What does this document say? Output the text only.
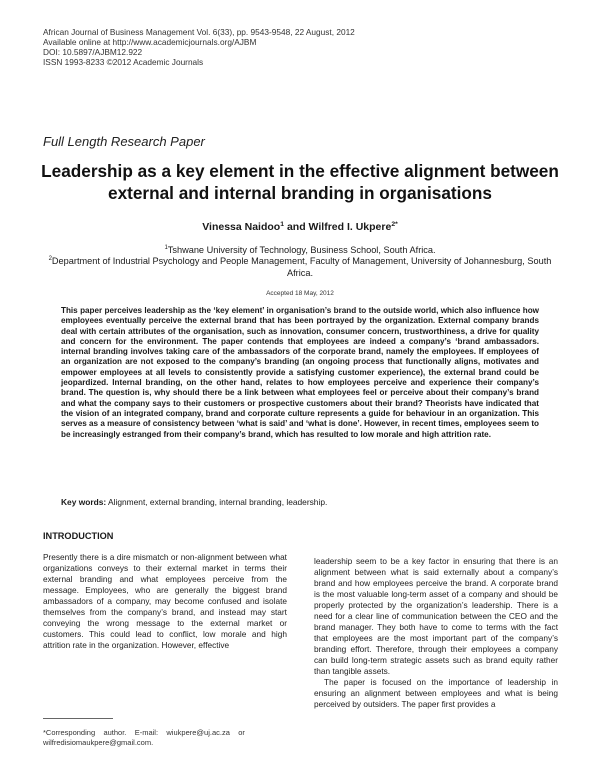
African Journal of Business Management Vol. 6(33), pp. 9543-9548, 22 August, 2012
Available online at http://www.academicjournals.org/AJBM
DOI: 10.5897/AJBM12.922
ISSN 1993-8233 ©2012 Academic Journals
Full Length Research Paper
Leadership as a key element in the effective alignment between external and internal branding in organisations
Vinessa Naidoo$^1$ and Wilfred I. Ukpere$^{2*}$
$^1$Tshwane University of Technology, Business School, South Africa.
$^2$Department of Industrial Psychology and People Management, Faculty of Management, University of Johannesburg, South Africa.
Accepted 18 May, 2012
This paper perceives leadership as the ‘key element’ in organisation’s brand to the outside world, which also influence how employees eventually perceive the external brand that has been portrayed by the organization. External company brands deal with certain attributes of the organisation, such as innovation, consumer concern, trustworthiness, a drive for quality and concern for the environment. The paper contends that employees are indeed a company’s ‘brand ambassadors. internal branding involves taking care of the ambassadors of the corporate brand, namely the employees. If employees of an organization are not exposed to the company’s branding (an ongoing process that functionally aligns, motivates and empower employees at all levels to consistently provide a satisfying customer experience), the external brand could be jeopardized. Internal branding, on the other hand, relates to how employees perceive and experience their company’s brand. The question is, why should there be a link between what employees feel or perceive about their company’s brand and what the company says to their customers or prospective customers about their brand? Theorists have indicated that the vision of an integrated company, brand and corporate culture represents a guide for behaviour in an organization. This serves as a measure of consistency between ‘what is said’ and ‘what is done’. However, in recent times, employees seem to be increasingly estranged from their company’s brand, which has resulted to low morale and high attrition rate.
Key words: Alignment, external branding, internal branding, leadership.
INTRODUCTION

Presently there is a dire mismatch or non-alignment between what organizations conveys to their external market in terms their external branding and what employees perceive from the message. Employees, who are generally the biggest brand ambassadors of a company, may become confused and isolate themselves from the company’s brand, and instead may start conveying the wrong message to the external market or customers. This could lead to conflict, low morale and high attrition rate in the organization. However, effective

leadership seem to be a key factor in ensuring that there is an alignment between what is said externally about a company’s brand and how employees perceive the brand. A corporate brand is the most valuable long-term asset of a company and should be properly protected by the organization’s leadership. There is a need for a clear line of communication between the CEO and the brand manager. They both have to come to terms with the fact that employees are the most important part of the company’s branding effort. Therefore, through their employees a company can build long-term strategic assets such as brand equity rather than tangible assets.

The paper is focused on the importance of leadership in ensuring an alignment between employees and what is being perceived by outsiders. The paper first provides a

*Corresponding    author.    E-mail:    wiukpere@uj.ac.za    or
wilfredisiomaukpere@gmail.com.
